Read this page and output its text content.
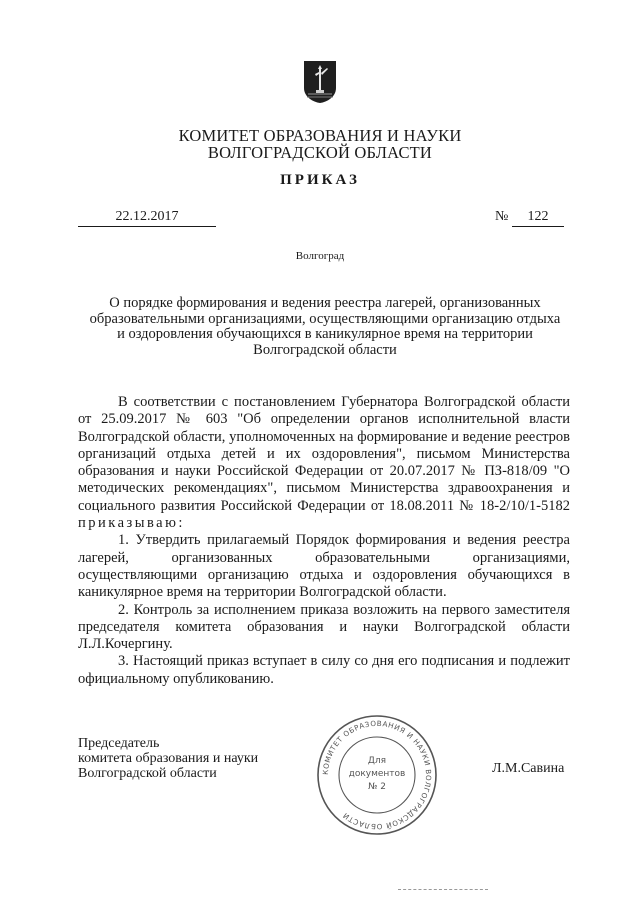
КОМИТЕТ ОБРАЗОВАНИЯ И НАУКИ
ВОЛГОГРАДСКОЙ ОБЛАСТИ
ПРИКАЗ
22.12.2017	№	122
Волгоград
О порядке формирования и ведения реестра лагерей, организованных
образовательными организациями, осуществляющими организацию отдыха
и оздоровления обучающихся в каникулярное время на территории
Волгоградской области

В соответствии с постановлением Губернатора Волгоградской области от 25.09.2017 № 603 "Об определении органов исполнительной власти Волгоградской области, уполномоченных на формирование и ведение реестров организаций отдыха детей и их оздоровления", письмом Министерства образования и науки Российской Федерации от 20.07.2017 № ПЗ-818/09 "О методических рекомендациях", письмом Министерства здравоохранения и социального развития Российской Федерации от 18.08.2011 № 18-2/10/1-5182 приказываю:

1. Утвердить прилагаемый Порядок формирования и ведения реестра лагерей, организованных образовательными организациями, осуществляющими организацию отдыха и оздоровления обучающихся в каникулярное время на территории Волгоградской области.

2. Контроль за исполнением приказа возложить на первого заместителя председателя комитета образования и науки Волгоградской области Л.Л.Кочергину.

3. Настоящий приказ вступает в силу со дня его подписания и подлежит официальному опубликованию.

Председатель
комитета образования и науки
Волгоградской области	КОМИТЕТ ОБРАЗОВАНИЯ И НАУКИ ВОЛГОГРАДСКОЙ ОБЛАСТИ
Для
документов
№ 2
Л.М.Савина
